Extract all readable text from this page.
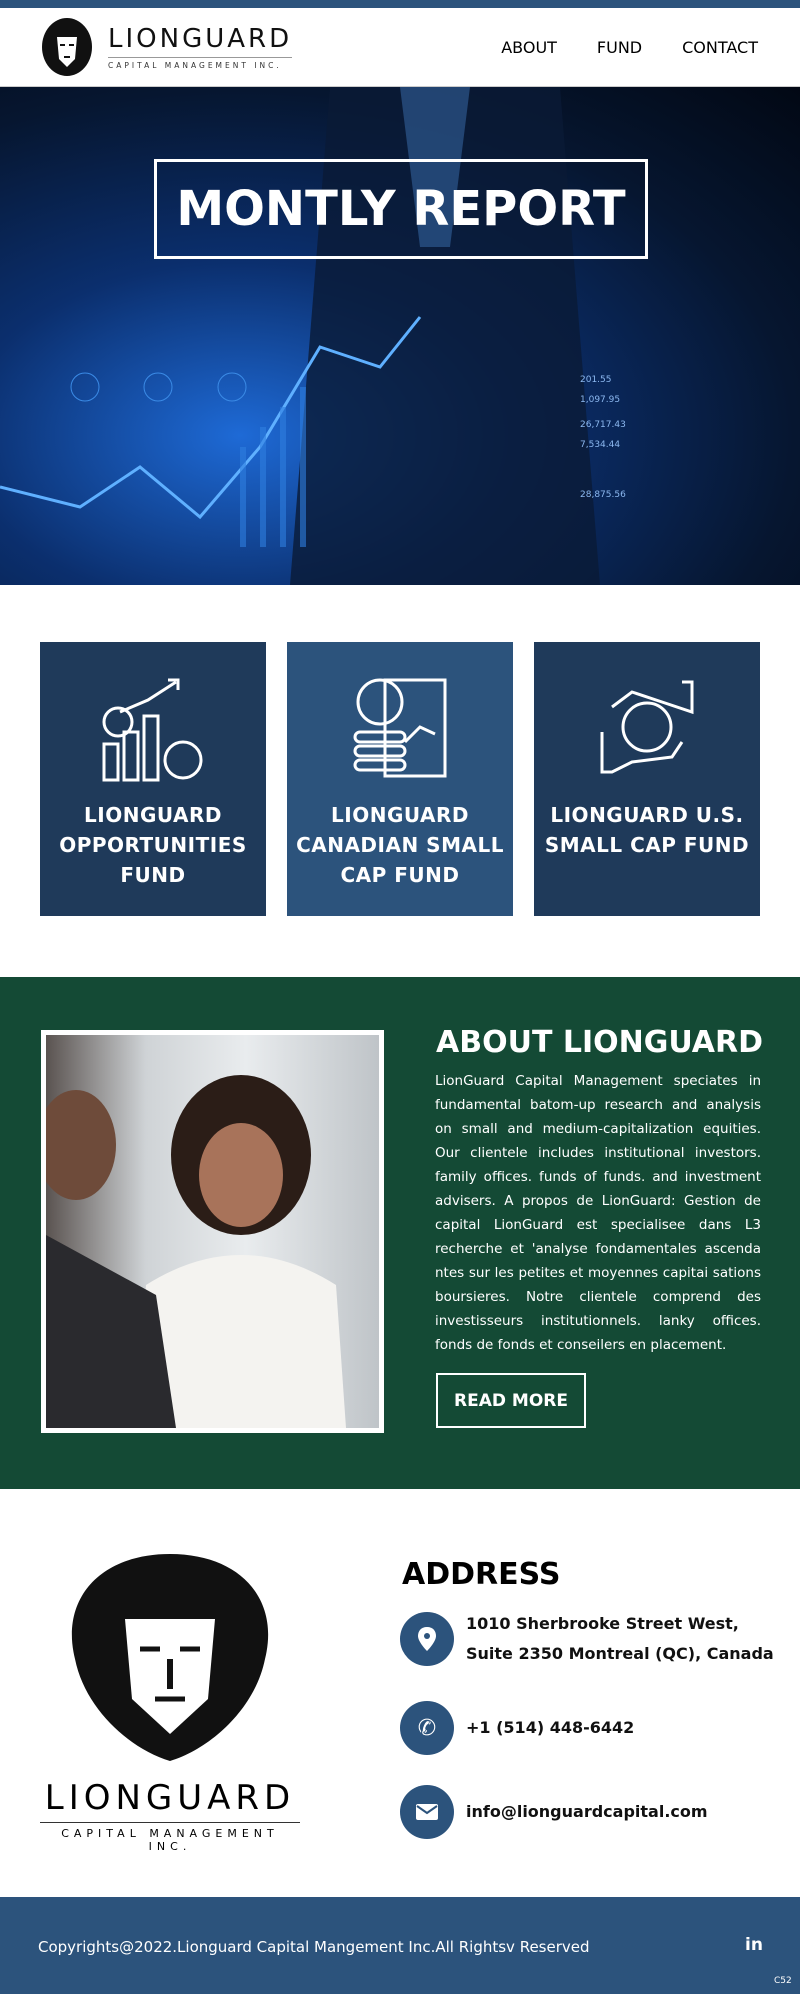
LIONGUARD
CAPITAL MANAGEMENT INC.
ABOUT	FUND	CONTACT
201.55
1,097.95
26,717.43
7,534.44
28,875.56
MONTLY REPORT
LIONGUARD OPPORTUNITIES FUND
LIONGUARD CANADIAN SMALL CAP FUND
LIONGUARD U.S. SMALL CAP FUND
ABOUT LIONGUARD

LionGuard Capital Management speciates in fundamental batom-up research and analysis on small and medium-capitalization equities. Our clientele includes institutional investors. family offices. funds of funds. and investment advisers. A propos de LionGuard: Gestion de capital LionGuard est specialisee dans L3 recherche et 'analyse fondamentales ascenda ntes sur les petites et moyennes capitai sations boursieres. Notre clientele comprend des investisseurs institutionnels. lanky offices. fonds de fonds et conseilers en placement.

READ MORE
LIONGUARD
CAPITAL MANAGEMENT INC.
ADDRESS
1010 Sherbrooke Street West,
Suite 2350 Montreal (QC), Canada
✆ +1 (514) 448-6442
info@lionguardcapital.com
Copyrights@2022.Lionguard Capital Mangement Inc.All Rightsv Reserved	in
C52
